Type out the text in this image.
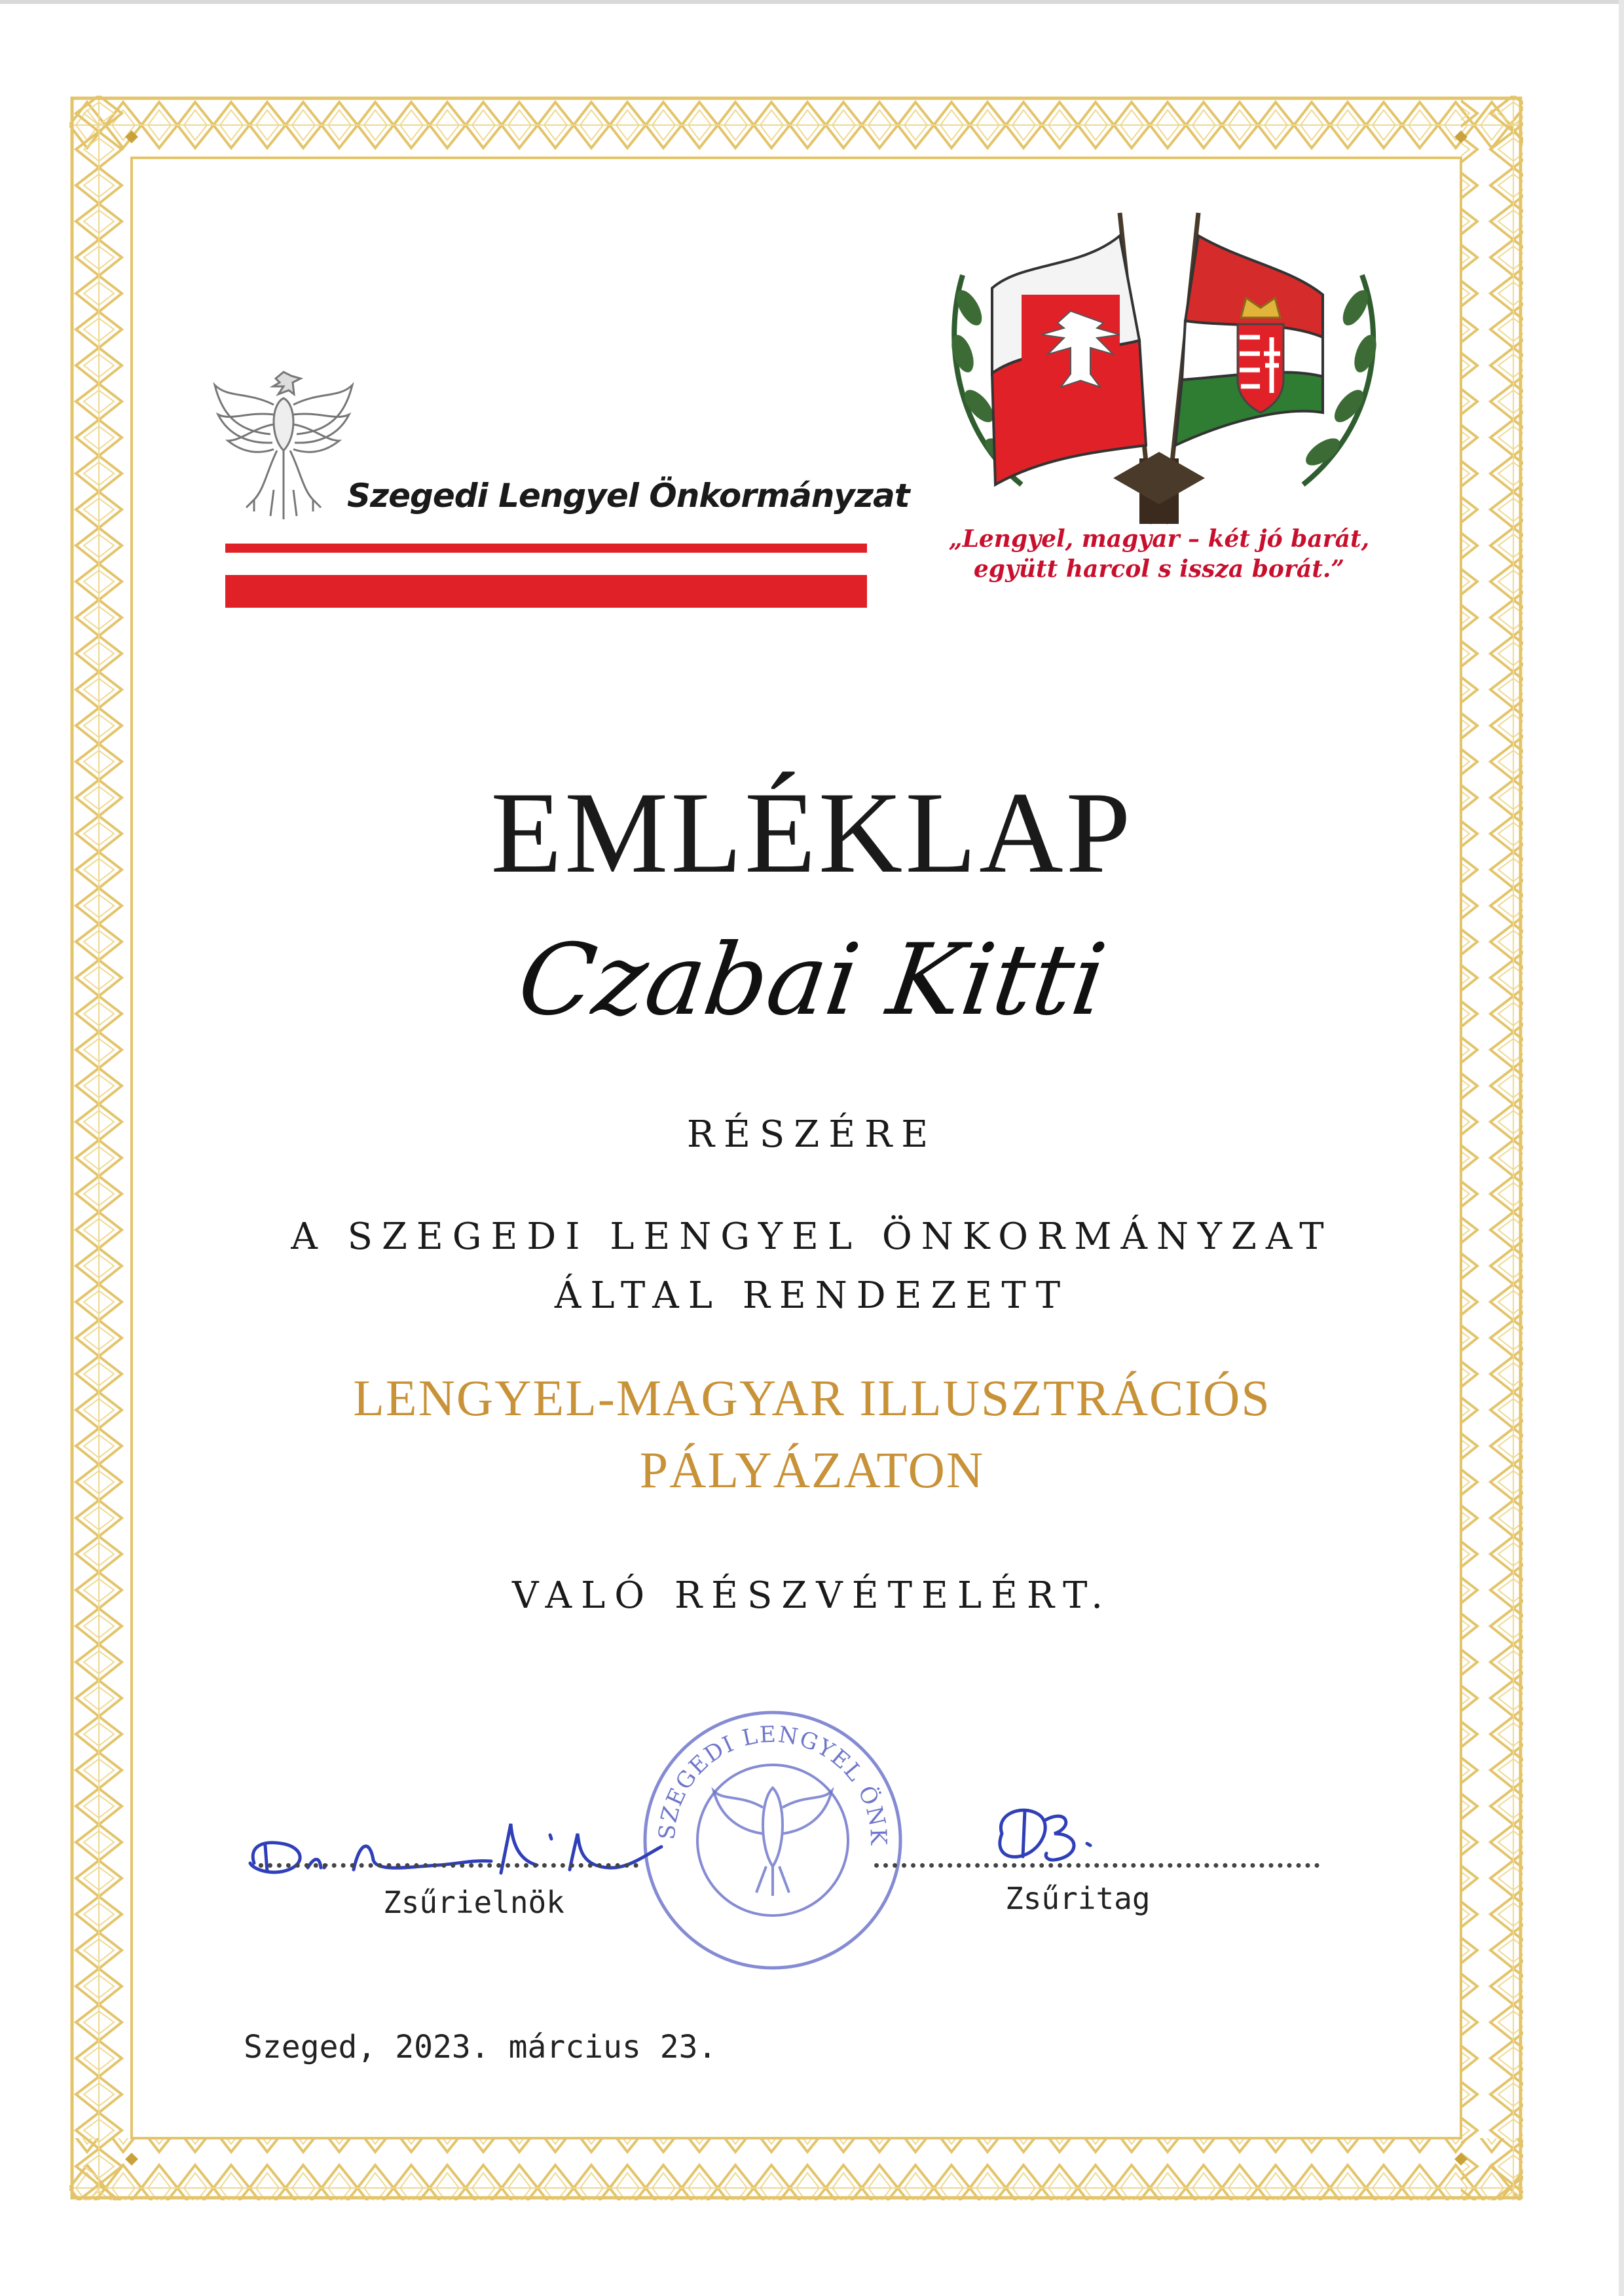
Szegedi Lengyel Önkormányzat
„Lengyel, magyar – két jó barát,
együtt harcol s issza borát.”
EMLÉKLAP
Czabai Kitti
RÉSZÉRE
A SZEGEDI LENGYEL ÖNKORMÁNYZAT
ÁLTAL RENDEZETT
LENGYEL-MAGYAR ILLUSZTRÁCIÓS
PÁLYÁZATON
VALÓ RÉSZVÉTELÉRT.
SZEGEDI LENGYEL ÖNK
Zsűrielnök	Zsűritag
Szeged, 2023. március 23.
